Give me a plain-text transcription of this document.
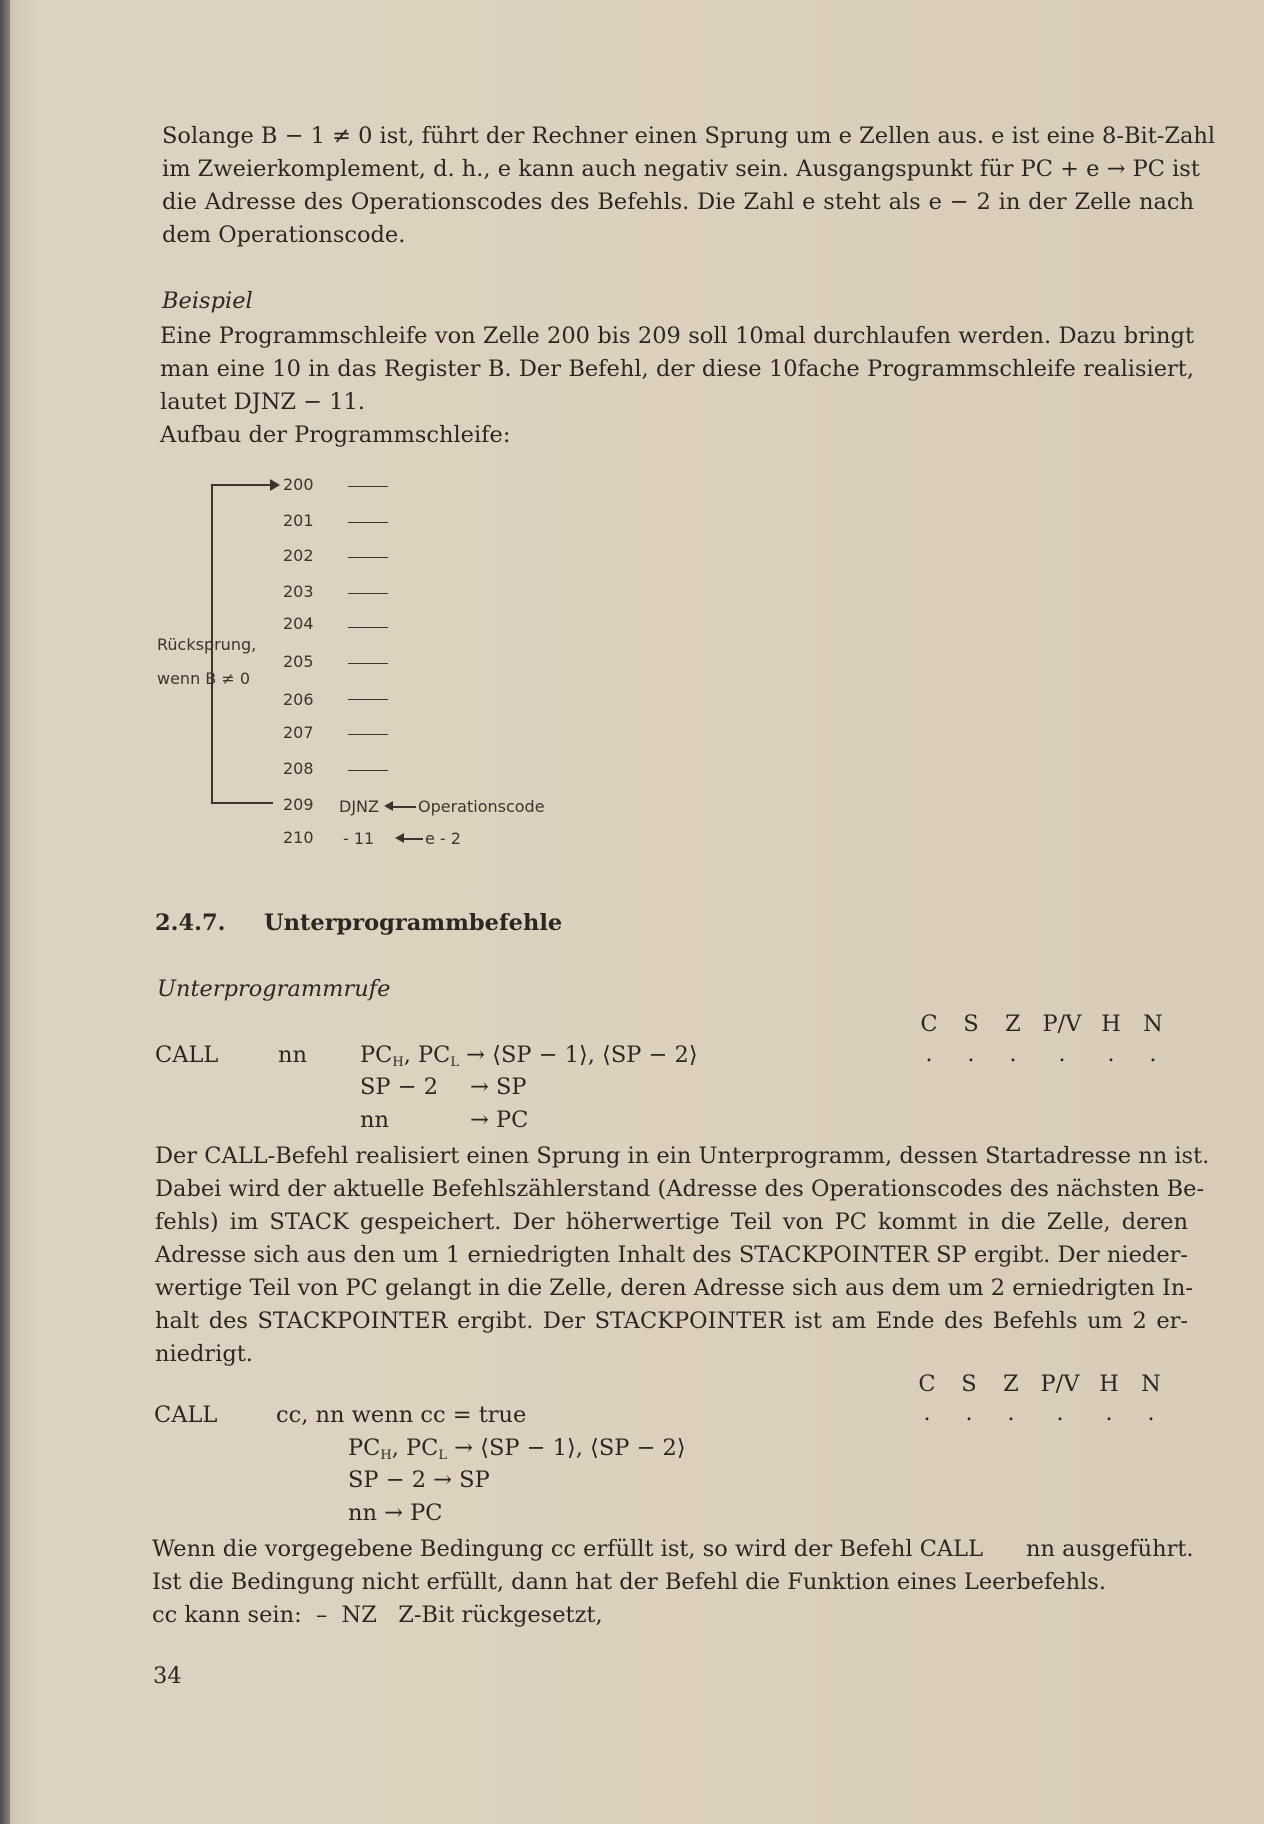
Solange B − 1 ≠ 0 ist, führt der Rechner einen Sprung um e Zellen aus. e ist eine 8-Bit-Zahl
im Zweierkomplement, d. h., e kann auch negativ sein. Ausgangspunkt für PC + e → PC ist
die Adresse des Operationscodes des Befehls. Die Zahl e steht als e − 2 in der Zelle nach
dem Operationscode.
Beispiel
Eine Programmschleife von Zelle 200 bis 209 soll 10mal durchlaufen werden. Dazu bringt
man eine 10 in das Register B. Der Befehl, der diese 10fache Programmschleife realisiert,
lautet DJNZ − 11.
Aufbau der Programmschleife:
Rücksprung,
wenn B ≠ 0
200
201
202
203
204
205
206
207
208
209
210
DJNZ Operationscode
- 11	e - 2
2.4.7. Unterprogrammbefehle
Unterprogrammrufe
C S Z P/V H N
. . . . . .
CALL	nn $PC_H$, $PC_L$ → ⟨SP − 1⟩, ⟨SP − 2⟩
SP − 2 → SP
nn	→ PC
Der CALL-Befehl realisiert einen Sprung in ein Unterprogramm, dessen Startadresse nn ist.
Dabei wird der aktuelle Befehlszählerstand (Adresse des Operationscodes des nächsten Be-
fehls) im STACK gespeichert. Der höherwertige Teil von PC kommt in die Zelle, deren
Adresse sich aus den um 1 erniedrigten Inhalt des STACKPOINTER SP ergibt. Der nieder-
wertige Teil von PC gelangt in die Zelle, deren Adresse sich aus dem um 2 erniedrigten In-
halt des STACKPOINTER ergibt. Der STACKPOINTER ist am Ende des Befehls um 2 er-
niedrigt.
C S Z P/V H N
. . . . . .
CALL	cc, nn wenn cc = true
$PC_H$, $PC_L$ → ⟨SP − 1⟩, ⟨SP − 2⟩
SP − 2 → SP
nn → PC
Wenn die vorgegebene Bedingung cc erfüllt ist, so wird der Befehl CALL      nn ausgeführt.
Ist die Bedingung nicht erfüllt, dann hat der Befehl die Funktion eines Leerbefehls.
cc kann sein:  –  NZ   Z-Bit rückgesetzt,
34
